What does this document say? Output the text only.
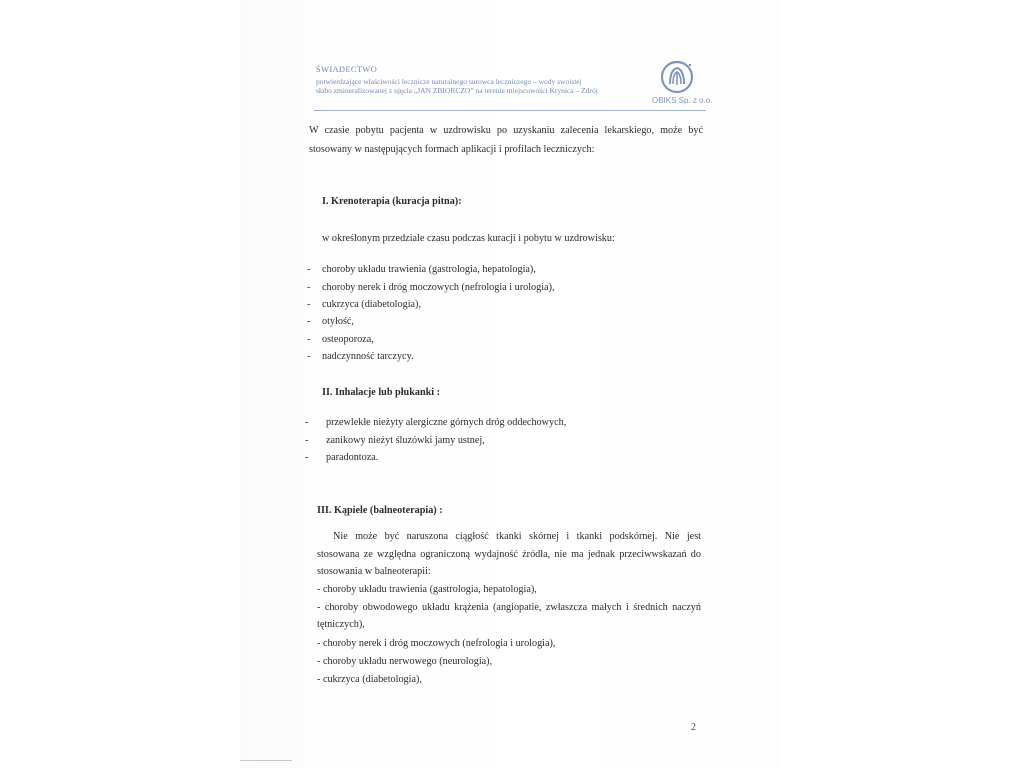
ŚWIADECTWO
potwierdzające właściwości lecznicze naturalnego surowca leczniczego – wody swoistej
słabo zmineralizowanej z ujęcia „JAN ZBIORCZO” na terenie miejscowości Krynica – Zdrój
OBIKS Sp. z o.o.
W czasie pobytu pacjenta w uzdrowisku po uzyskaniu zalecenia lekarskiego, może być
stosowany w następujących formach aplikacji i profilach leczniczych:
I. Krenoterapia (kuracja pitna):
w określonym przedziale czasu podczas kuracji i pobytu w uzdrowisku:
- choroby układu trawienia (gastrologia, hepatologia),
- choroby nerek i dróg moczowych (nefrologia i urologia),
- cukrzyca (diabetologia),
- otyłość,
- osteoporoza,
- nadczynność tarczycy.
II. Inhalacje lub płukanki :
- przewlekłe nieżyty alergiczne górnych dróg oddechowych,
- zanikowy nieżyt śluzówki jamy ustnej,
- paradontoza.
III. Kąpiele (balneoterapia) :
Nie może być naruszona ciągłość tkanki skórnej i tkanki podskórnej. Nie jest
stosowana ze względna ograniczoną wydajność źródła, nie ma jednak przeciwwskazań do
stosowania w balneoterapii:
- choroby układu trawienia (gastrologia, hepatologia),
- choroby obwodowego układu krążenia (angiopatie, zwłaszcza małych i średnich naczyń
tętniczych),
- choroby nerek i dróg moczowych (nefrologia i urologia),
- choroby układu nerwowego (neurologia),
- cukrzyca (diabetologia),
2
